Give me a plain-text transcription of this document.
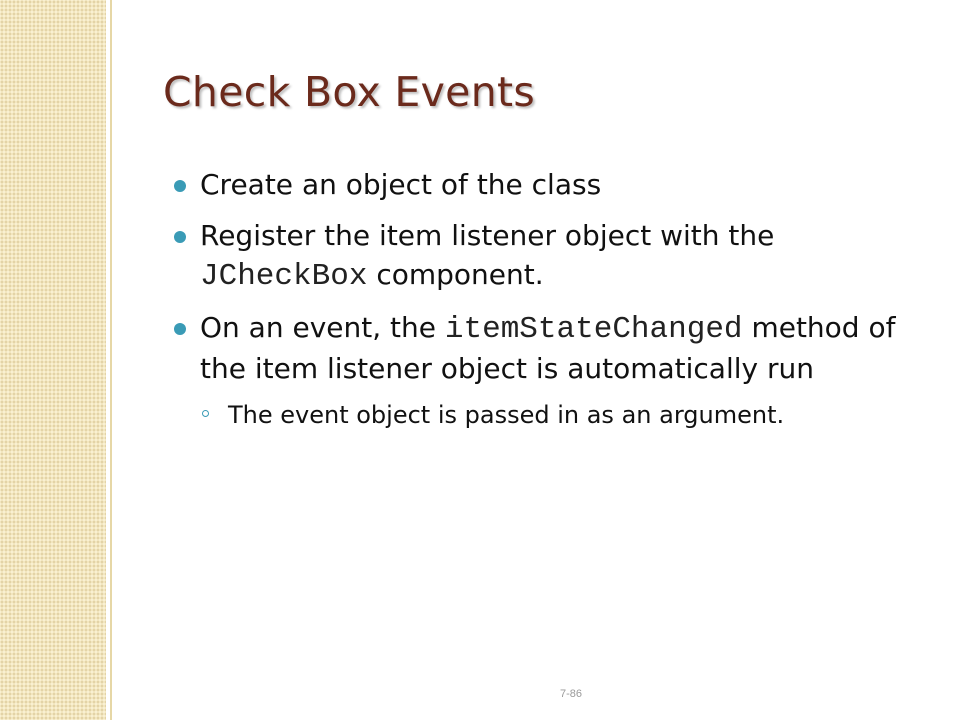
Check Box Events
Create an object of the class
Register the item listener object with the JCheckBox component.
On an event, the itemStateChanged method of the item listener object is automatically run
The event object is passed in as an argument.
7-86
